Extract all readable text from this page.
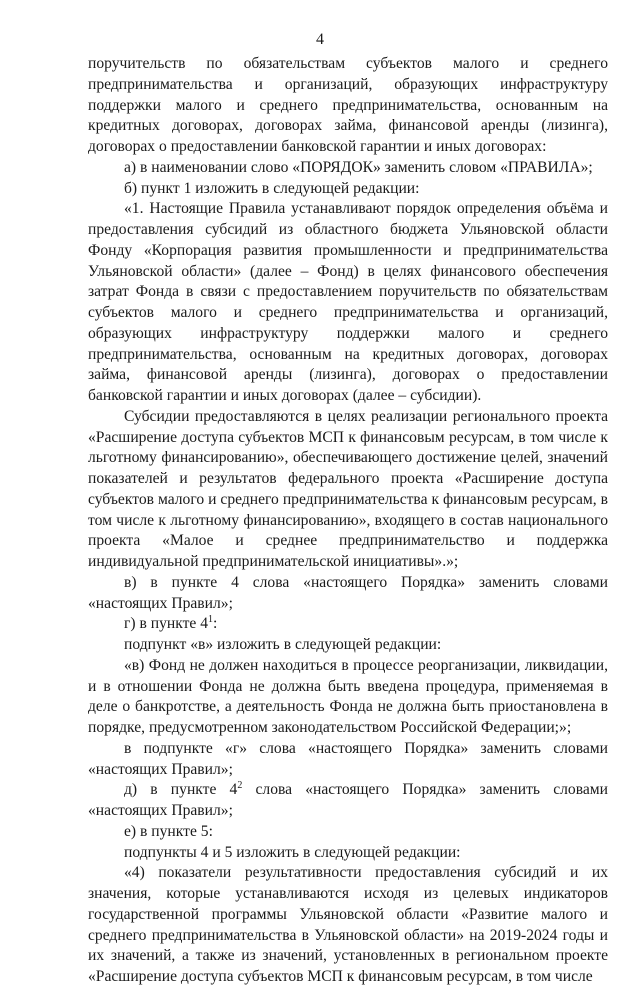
4

поручительств по обязательствам субъектов малого и среднего предпринимательства и организаций, образующих инфраструктуру поддержки малого и среднего предпринимательства, основанным на кредитных договорах, договорах займа, финансовой аренды (лизинга), договорах о предоставлении банковской гарантии и иных договорах:

а) в наименовании слово «ПОРЯДОК» заменить словом «ПРАВИЛА»;

б) пункт 1 изложить в следующей редакции:

«1. Настоящие Правила устанавливают порядок определения объёма и предоставления субсидий из областного бюджета Ульяновской области Фонду «Корпорация развития промышленности и предпринимательства Ульяновской области» (далее – Фонд) в целях финансового обеспечения затрат Фонда в связи с предоставлением поручительств по обязательствам субъектов малого и среднего предпринимательства и организаций, образующих инфраструктуру поддержки малого и среднего предпринимательства, основанным на кредитных договорах, договорах займа, финансовой аренды (лизинга), договорах о предоставлении банковской гарантии и иных договорах (далее – субсидии).

Субсидии предоставляются в целях реализации регионального проекта «Расширение доступа субъектов МСП к финансовым ресурсам, в том числе к льготному финансированию», обеспечивающего достижение целей, значений показателей и результатов федерального проекта «Расширение доступа субъектов малого и среднего предпринимательства к финансовым ресурсам, в том числе к льготному финансированию», входящего в состав национального проекта «Малое и среднее предпринимательство и поддержка индивидуальной предпринимательской инициативы».»;

в) в пункте 4 слова «настоящего Порядка» заменить словами «настоящих Правил»;

г) в пункте $4^1$:

подпункт «в» изложить в следующей редакции:

«в) Фонд не должен находиться в процессе реорганизации, ликвидации, и в отношении Фонда не должна быть введена процедура, применяемая в деле о банкротстве, а деятельность Фонда не должна быть приостановлена в порядке, предусмотренном законодательством Российской Федерации;»;

в подпункте «г» слова «настоящего Порядка» заменить словами «настоящих Правил»;

д) в пункте $4^2$ слова «настоящего Порядка» заменить словами «настоящих Правил»;

е) в пункте 5:

подпункты 4 и 5 изложить в следующей редакции:

«4) показатели результативности предоставления субсидий и их значения, которые устанавливаются исходя из целевых индикаторов государственной программы Ульяновской области «Развитие малого и среднего предпринимательства в Ульяновской области» на 2019-2024 годы и их значений, а также из значений, установленных в региональном проекте «Расширение доступа субъектов МСП к финансовым ресурсам, в том числе
